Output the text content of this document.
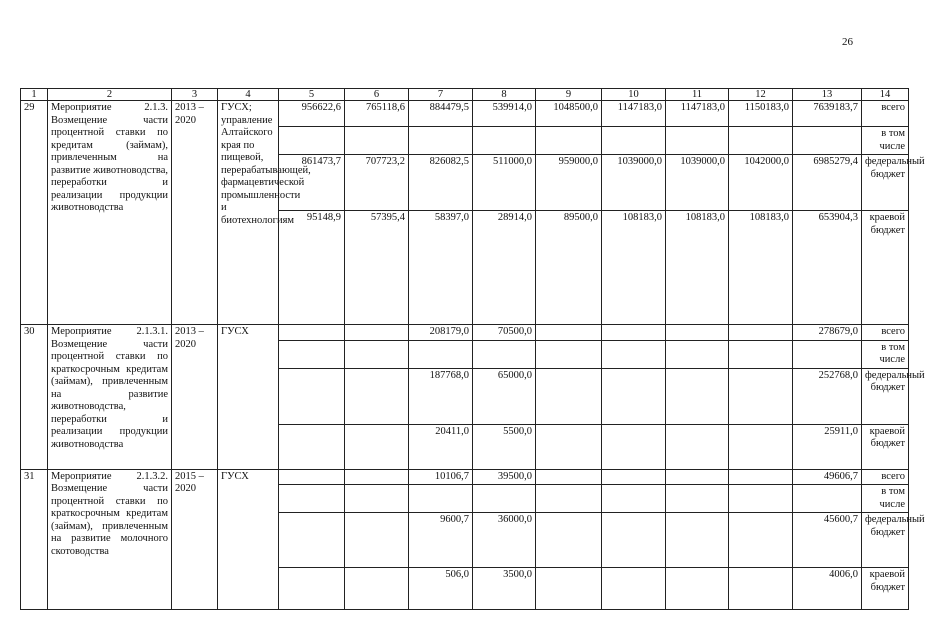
26
1	2	3	4	5	6	7	8	9	10	11	12	13	14
29	Мероприятие 2.1.3. Возмещение части процентной ставки по кредитам (займам), привлеченным на развитие животноводства, переработки и реализации продукции животноводства	2013 – 2020	ГУСХ; управление Алтайского края по пищевой, перерабатывающей, фармацевтической промышленности и биотехнологиям	956622,6	765118,6	884479,5	539914,0	1048500,0	1147183,0	1147183,0	1150183,0	7639183,7	всего
													в том числе
				861473,7	707723,2	826082,5	511000,0	959000,0	1039000,0	1039000,0	1042000,0	6985279,4	федеральный бюджет
				95148,9	57395,4	58397,0	28914,0	89500,0	108183,0	108183,0	108183,0	653904,3	краевой бюджет
30	Мероприятие 2.1.3.1. Возмещение части процентной ставки по краткосрочным кредитам (займам), привлеченным на развитие животноводства, переработки и реализации продукции животноводства	2013 – 2020	ГУСХ			208179,0	70500,0					278679,0	всего
													в том числе
						187768,0	65000,0					252768,0	федеральный бюджет
						20411,0	5500,0					25911,0	краевой бюджет
31	Мероприятие 2.1.3.2. Возмещение части процентной ставки по краткосрочным кредитам (займам), привлеченным на развитие молочного скотоводства	2015 – 2020	ГУСХ			10106,7	39500,0					49606,7	всего
													в том числе
						9600,7	36000,0					45600,7	федеральный бюджет
						506,0	3500,0					4006,0	краевой бюджет
